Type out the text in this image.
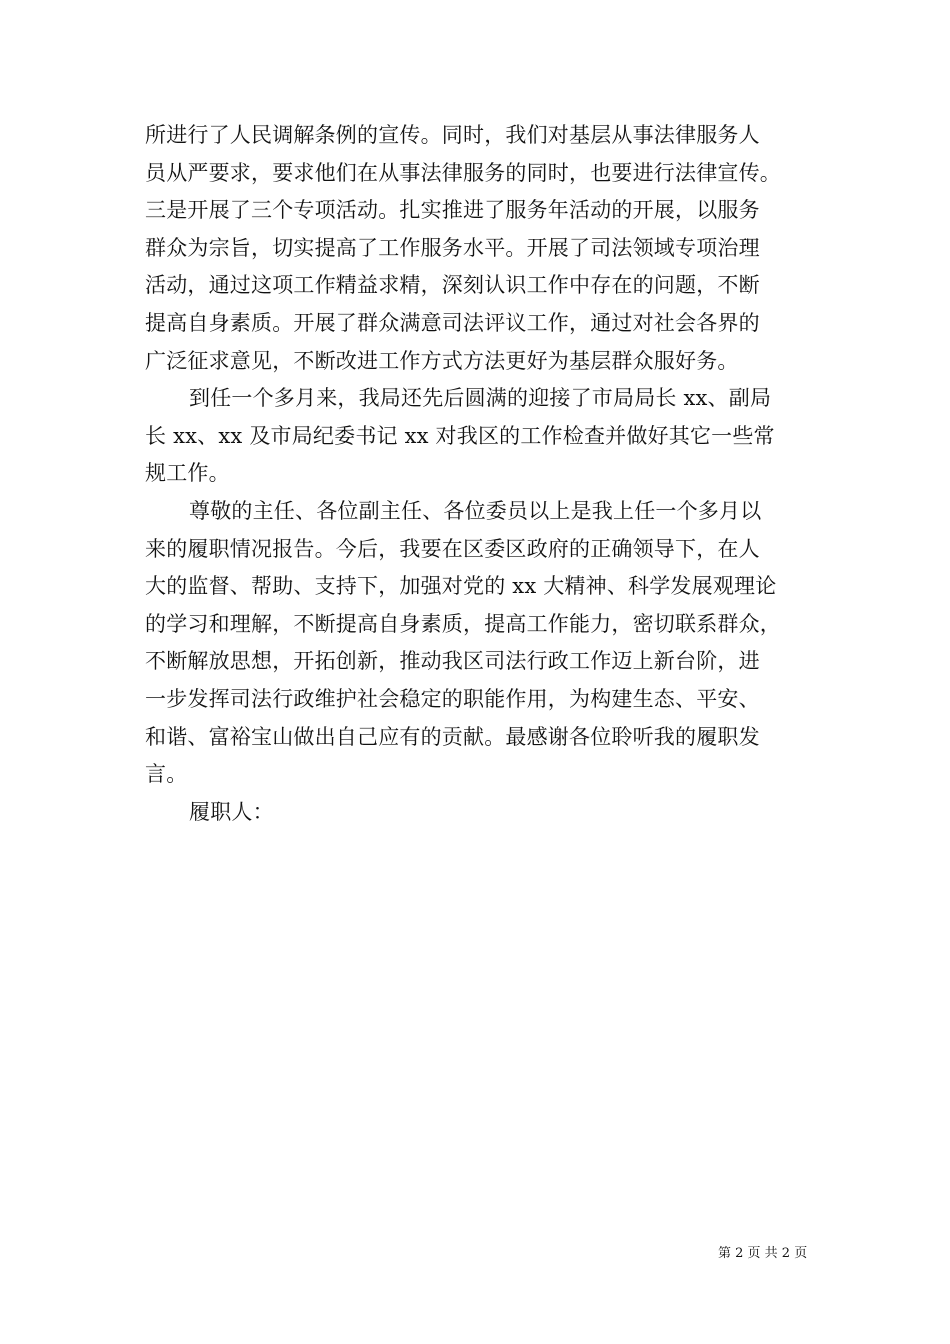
所进行了人民调解条例的宣传。同时，我们对基层从事法律服务人
员从严要求，要求他们在从事法律服务的同时，也要进行法律宣传。
三是开展了三个专项活动。扎实推进了服务年活动的开展，以服务
群众为宗旨，切实提高了工作服务水平。开展了司法领域专项治理
活动，通过这项工作精益求精，深刻认识工作中存在的问题，不断
提高自身素质。开展了群众满意司法评议工作，通过对社会各界的
广泛征求意见，不断改进工作方式方法更好为基层群众服好务。
到任一个多月来，我局还先后圆满的迎接了市局局长 xx、副局
长 xx、xx 及市局纪委书记 xx 对我区的工作检查并做好其它一些常
规工作。
尊敬的主任、各位副主任、各位委员以上是我上任一个多月以
来的履职情况报告。今后，我要在区委区政府的正确领导下，在人
大的监督、帮助、支持下，加强对党的 xx 大精神、科学发展观理论
的学习和理解，不断提高自身素质，提高工作能力，密切联系群众，
不断解放思想，开拓创新，推动我区司法行政工作迈上新台阶，进
一步发挥司法行政维护社会稳定的职能作用，为构建生态、平安、
和谐、富裕宝山做出自己应有的贡献。最感谢各位聆听我的履职发
言。
履职人：
第 2 页 共 2 页
